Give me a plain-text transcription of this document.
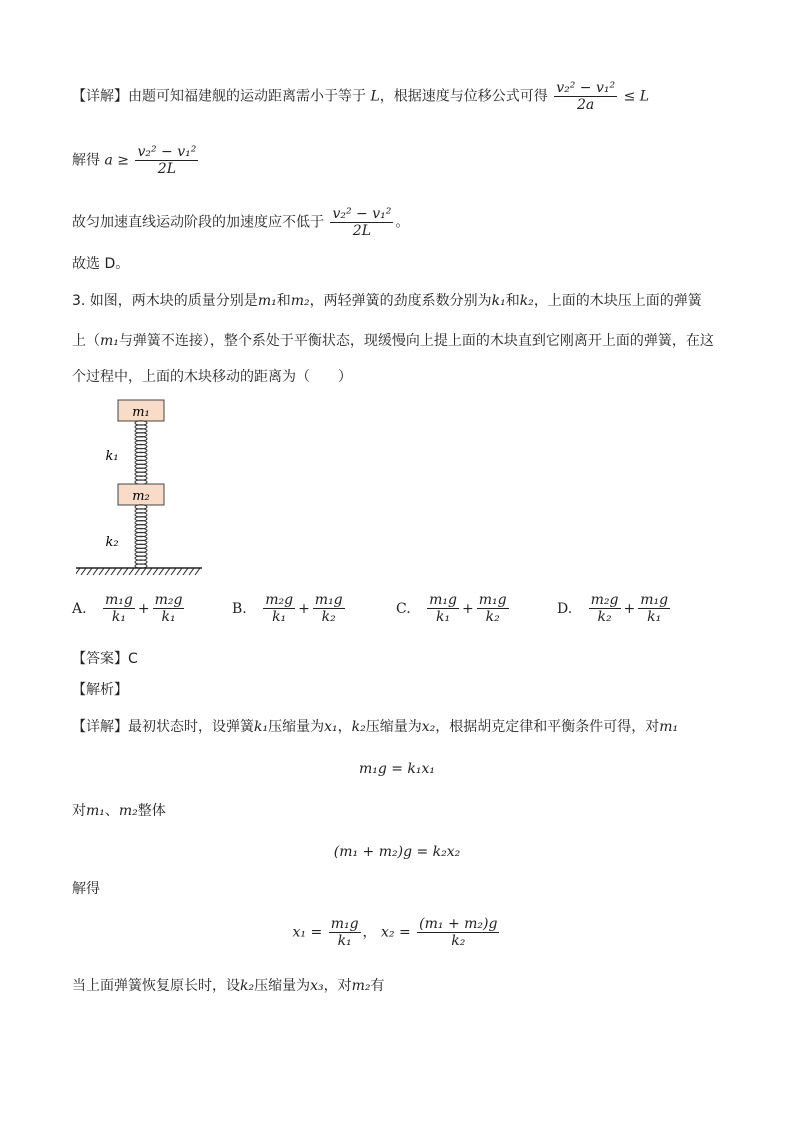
【详解】由题可知福建舰的运动距离需小于等于 L，根据速度与位移公式可得 $\frac{\text{v₂² − v₁²}}{2a} \le L$
解得 $a \ge \frac{\text{v₂² − v₁²}}{2L}$
故匀加速直线运动阶段的加速度应不低于 $\frac{\text{v₂² − v₁²}}{2L}$ 。
故选 D。
3. 如图，两木块的质量分别是m₁和m₂，两轻弹簧的劲度系数分别为k₁和k₂，上面的木块压上面的弹簧
上（m₁与弹簧不连接），整个系处于平衡状态，现缓慢向上提上面的木块直到它刚离开上面的弹簧，在这
个过程中，上面的木块移动的距离为（　　）
m₁
k₁
m₂
k₂
A. $\frac{\text{m₁g}}{\text{k₁}} + \frac{\text{m₂g}}{\text{k₁}}$	B. $\frac{\text{m₂g}}{\text{k₁}} + \frac{\text{m₁g}}{\text{k₂}}$	C. $\frac{\text{m₁g}}{\text{k₁}} + \frac{\text{m₁g}}{\text{k₂}}$	D. $\frac{\text{m₂g}}{\text{k₂}} + \frac{\text{m₁g}}{\text{k₁}}$
【答案】C
【解析】
【详解】最初状态时，设弹簧k₁压缩量为x₁，k₂压缩量为x₂，根据胡克定律和平衡条件可得，对m₁
m₁g = k₁x₁
对m₁、m₂整体
(m₁ + m₂)g = k₂x₂
解得
$x_1 = \frac{\text{m₁g}}{\text{k₁}}$ ， $x_2 = \frac{\text{(m₁ + m₂)g}}{\text{k₂}}$
当上面弹簧恢复原长时，设k₂压缩量为x₃，对m₂有
